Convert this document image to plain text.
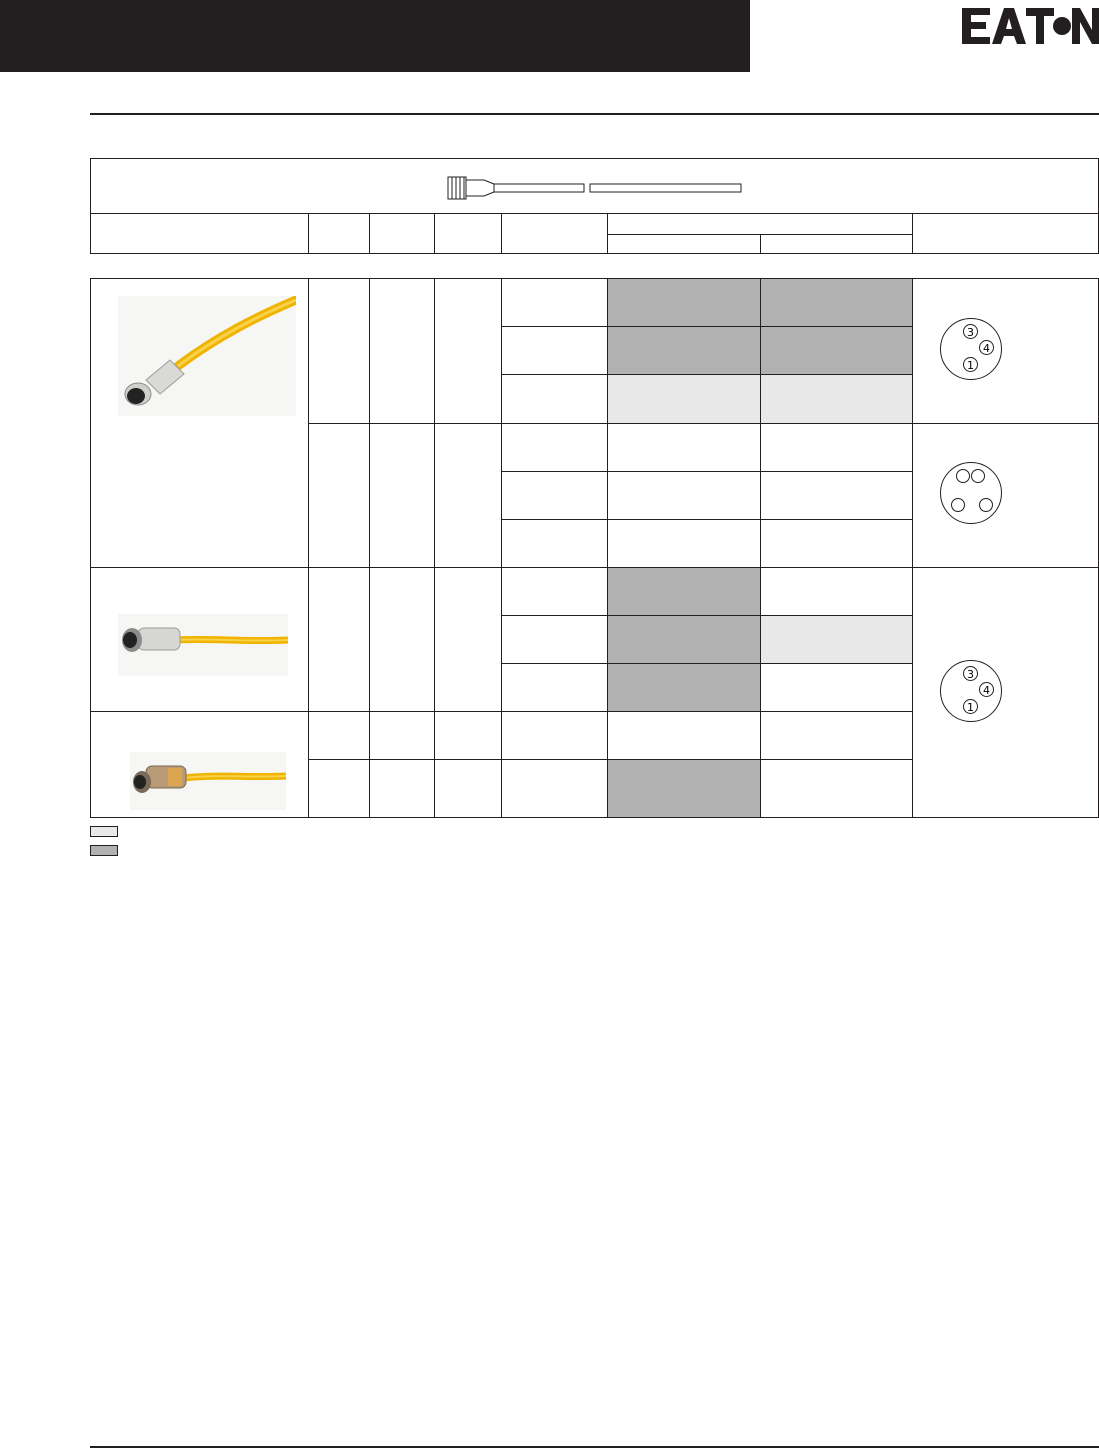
3
4
1
3
4
1
